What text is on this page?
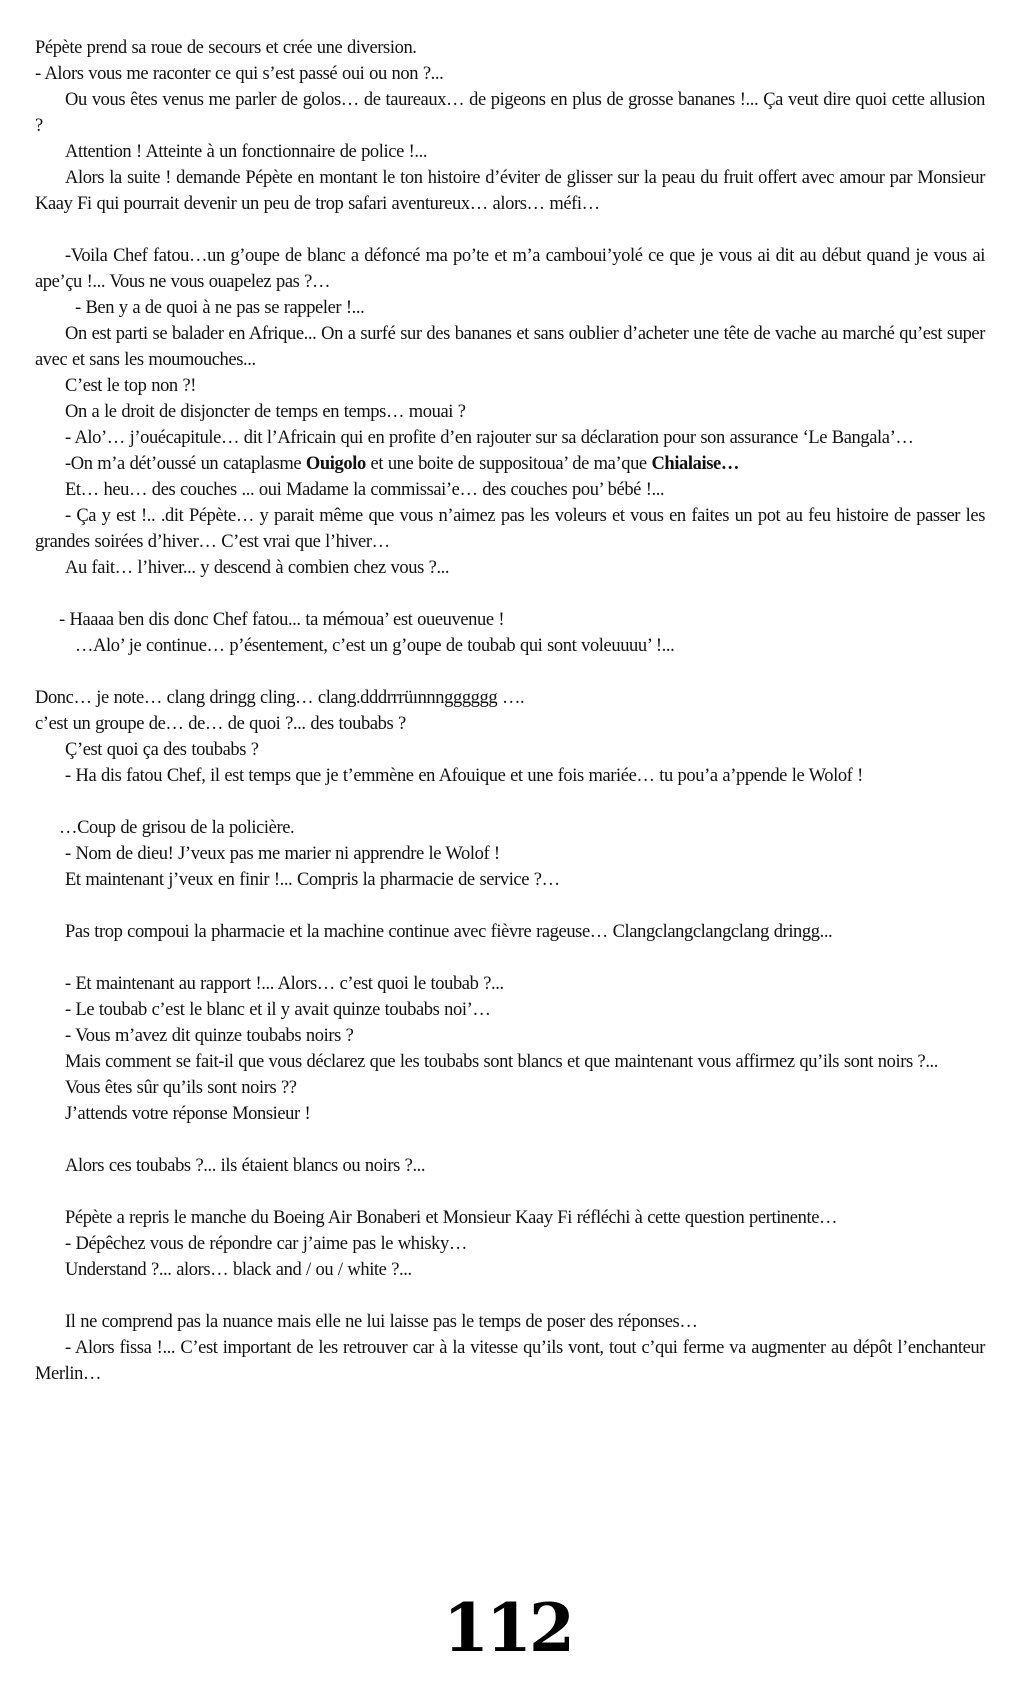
Pépète prend sa roue de secours et crée une diversion.

- Alors vous me raconter ce qui s’est passé oui ou non ?...

Ou vous êtes venus me parler de golos… de taureaux… de pigeons en plus de grosse bananes !... Ça veut dire quoi cette allusion ?

Attention ! Atteinte à un fonctionnaire de police !...

Alors la suite ! demande Pépète en montant le ton histoire d’éviter de glisser sur la peau du fruit offert avec amour par Monsieur Kaay Fi qui pourrait devenir un peu de trop safari aventureux… alors… méfi…

-Voila Chef fatou…un g’oupe de blanc a défoncé ma po’te et m’a camboui’yolé ce que je vous ai dit au début quand je vous ai ape’çu !... Vous ne vous ouapelez pas ?…

- Ben y a de quoi à ne pas se rappeler !...

On est parti se balader en Afrique... On a surfé sur des bananes et sans oublier d’acheter une tête de vache au marché qu’est super avec et sans les moumouches...

C’est le top non ?!

On a le droit de disjoncter de temps en temps… mouai ?

- Alo’… j’ouécapitule… dit l’Africain qui en profite d’en rajouter sur sa déclaration pour son assurance ‘Le Bangala’…

-On m’a dét’oussé un cataplasme Ouigolo et une boite de suppositoua’ de ma’que Chialaise…

Et… heu… des couches ... oui Madame la commissai’e… des couches pou’ bébé !...

- Ça y est !.. .dit Pépète… y parait même que vous n’aimez pas les voleurs et vous en faites un pot au feu histoire de passer les grandes soirées d’hiver… C’est vrai que l’hiver…

Au fait… l’hiver... y descend à combien chez vous ?...

- Haaaa ben dis donc Chef fatou... ta mémoua’ est oueuvenue !

…Alo’ je continue… p’ésentement, c’est un g’oupe de toubab qui sont voleuuuu’ !...

Donc… je note… clang dringg cling… clang.dddrrrüınnngggggg ….

c’est un groupe de… de… de quoi ?... des toubabs ?

Ç’est quoi ça des toubabs ?

- Ha dis fatou Chef, il est temps que je t’emmène en Afouique et une fois mariée… tu pou’a a’ppende le Wolof !

…Coup de grisou de la policière.

- Nom de dieu! J’veux pas me marier ni apprendre le Wolof !

Et maintenant j’veux en finir !... Compris la pharmacie de service ?…

Pas trop compoui la pharmacie et la machine continue avec fièvre rageuse… Clangclangclangclang dringg...

- Et maintenant au rapport !... Alors… c’est quoi le toubab ?...

- Le toubab c’est le blanc et il y avait quinze toubabs noi’…

- Vous m’avez dit quinze toubabs noirs ?

Mais comment se fait-il que vous déclarez que les toubabs sont blancs et que maintenant vous affirmez qu’ils sont noirs ?...

Vous êtes sûr qu’ils sont noirs ??

J’attends votre réponse Monsieur !

Alors ces toubabs ?... ils étaient blancs ou noirs ?...

Pépète a repris le manche du Boeing Air Bonaberi et Monsieur Kaay Fi réfléchi à cette question pertinente…

- Dépêchez vous de répondre car j’aime pas le whisky…

Understand ?... alors… black and / ou / white ?...

Il ne comprend pas la nuance mais elle ne lui laisse pas le temps de poser des réponses…

- Alors fissa !... C’est important de les retrouver car à la vitesse qu’ils vont, tout c’qui ferme va augmenter au dépôt l’enchanteur Merlin…

112
